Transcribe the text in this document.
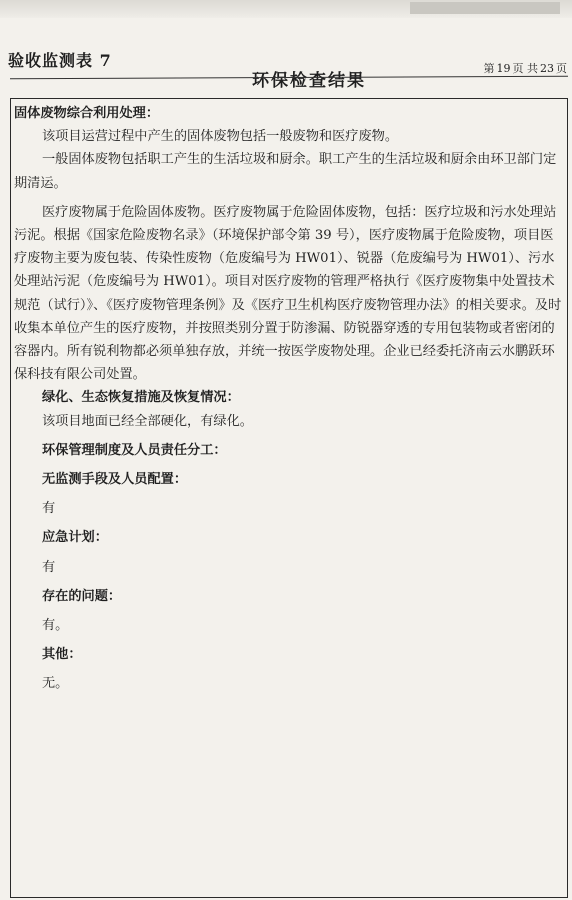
验收监测表 7
环保检查结果
第 19 页 共 23 页

固体废物综合利用处理：

该项目运营过程中产生的固体废物包括一般废物和医疗废物。

一般固体废物包括职工产生的生活垃圾和厨余。职工产生的生活垃圾和厨余由环卫部门定期清运。

医疗废物属于危险固体废物。医疗废物属于危险固体废物，包括：医疗垃圾和污水处理站污泥。根据《国家危险废物名录》（环境保护部令第 39 号），医疗废物属于危险废物，项目医疗废物主要为废包装、传染性废物（危废编号为 HW01）、锐器（危废编号为 HW01）、污水处理站污泥（危废编号为 HW01）。项目对医疗废物的管理严格执行《医疗废物集中处置技术规范（试行）》、《医疗废物管理条例》及《医疗卫生机构医疗废物管理办法》的相关要求。及时收集本单位产生的医疗废物，并按照类别分置于防渗漏、防锐器穿透的专用包装物或者密闭的容器内。所有锐利物都必须单独存放，并统一按医学废物处理。企业已经委托济南云水鹏跃环保科技有限公司处置。

绿化、生态恢复措施及恢复情况：

该项目地面已经全部硬化，有绿化。

环保管理制度及人员责任分工：

无监测手段及人员配置：

有

应急计划：

有

存在的问题：

有。

其他：

无。
